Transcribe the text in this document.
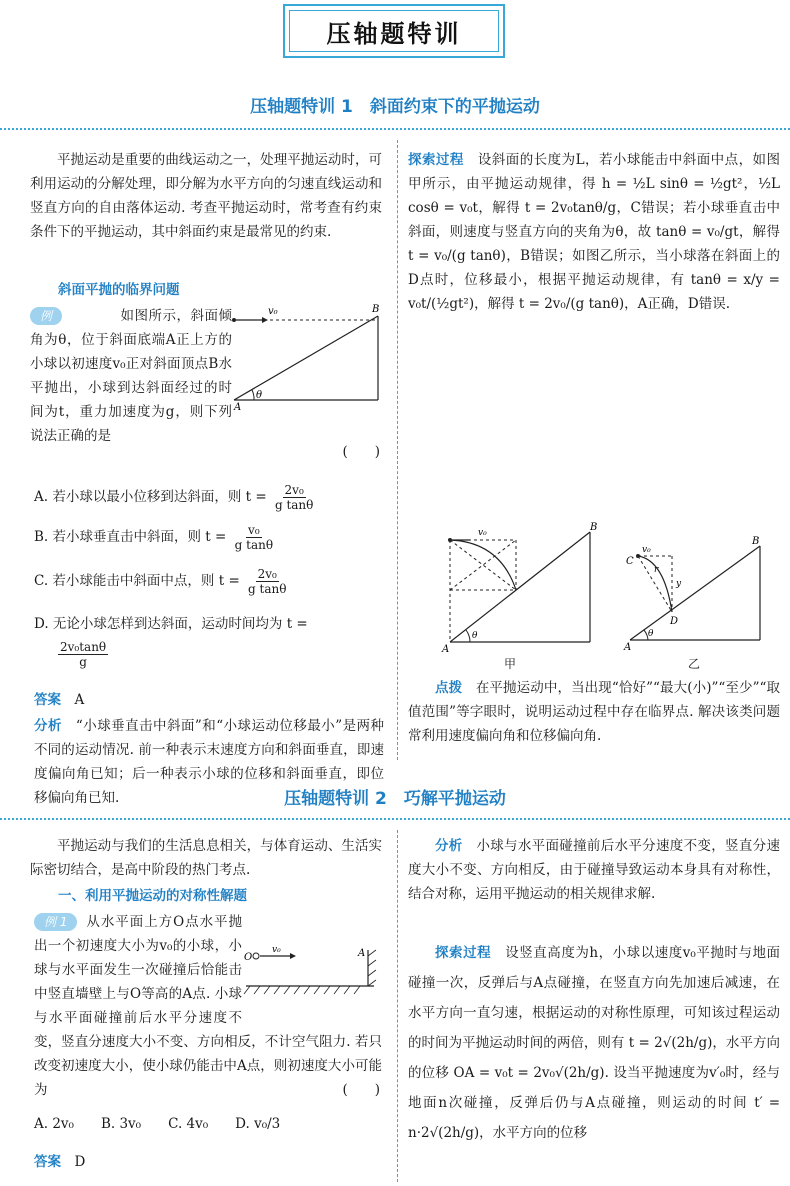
压轴题特训
压轴题特训 1　斜面约束下的平抛运动
平抛运动是重要的曲线运动之一，处理平抛运动时，可利用运动的分解处理，即分解为水平方向的匀速直线运动和竖直方向的自由落体运动. 考查平抛运动时，常考查有约束条件下的平抛运动，其中斜面约束是最常见的约束.
斜面平抛的临界问题
例	如图所示，斜面倾角为θ，位于斜面底端A正上方的小球以初速度v₀正对斜面顶点B水平抛出，小球到达斜面经过的时间为t，重力加速度为g，则下列说法正确的是
(　　)
v₀	B
A
θ
A. 若小球以最小位移到达斜面，则 $t = \frac{\text{2v₀}}{\text{g tanθ}}$
B. 若小球垂直击中斜面，则 $t = \frac{\text{v₀}}{\text{g tanθ}}$
C. 若小球能击中斜面中点，则 $t = \frac{\text{2v₀}}{\text{g tanθ}}$
D. 无论小球怎样到达斜面，运动时间均为 t =
$\frac{\text{2v₀tanθ}}{g}$
答案　 A
分析　 “小球垂直击中斜面”和“小球运动位移最小”是两种不同的运动情况. 前一种表示末速度方向和斜面垂直，即速度偏向角已知；后一种表示小球的位移和斜面垂直，即位移偏向角已知.
探索过程　 设斜面的长度为L，若小球能击中斜面中点，如图甲所示，由平抛运动规律，得 h = ½L sinθ = ½gt²，½L cosθ = v₀t，解得 t = 2v₀tanθ/g，C错误；若小球垂直击中斜面，则速度与竖直方向的夹角为θ，故 tanθ = v₀/gt，解得 t = v₀/(g tanθ)，B错误；如图乙所示，当小球落在斜面上的D点时，位移最小，根据平抛运动规律，有 tanθ = x/y = v₀t/(½gt²)，解得 t = 2v₀/(g tanθ)，A正确，D错误.
v₀	B
A
θ
甲
C
v₀
r
y
D
B
A
θ
乙
点拨　 在平抛运动中，当出现“恰好”“最大(小)”“至少”“取值范围”等字眼时，说明运动过程中存在临界点. 解决该类问题常利用速度偏向角和位移偏向角.
压轴题特训 2　巧解平抛运动
平抛运动与我们的生活息息相关，与体育运动、生活实际密切结合，是高中阶段的热门考点.
一、利用平抛运动的对称性解题
例 1 从水平面上方O点水平抛出一个初速度大小为v₀的小球，小球与水平面发生一次碰撞后恰能击中竖直墙壁上与O等高的A点. 小球与水平面碰撞前后水平分速度不变，竖直分速度大小不变、方向相反，不计空气阻力. 若只改变初速度大小，使小球仍能击中A点，则初速度大小可能为	(　　)
O	A
v₀
A. 2v₀　　B. 3v₀　　C. 4v₀　　D. v₀/3
答案　 D
分析　 小球与水平面碰撞前后水平分速度不变，竖直分速度大小不变、方向相反，由于碰撞导致运动本身具有对称性，结合对称，运用平抛运动的相关规律求解.
探索过程　 设竖直高度为h，小球以速度v₀平抛时与地面碰撞一次，反弹后与A点碰撞，在竖直方向先加速后减速，在水平方向一直匀速，根据运动的对称性原理，可知该过程运动的时间为平抛运动时间的两倍，则有 t = 2√(2h/g)，水平方向的位移 OA = v₀t = 2v₀√(2h/g). 设当平抛速度为v′₀时，经与地面n次碰撞，反弹后仍与A点碰撞，则运动的时间 t′ = n·2√(2h/g)，水平方向的位移
